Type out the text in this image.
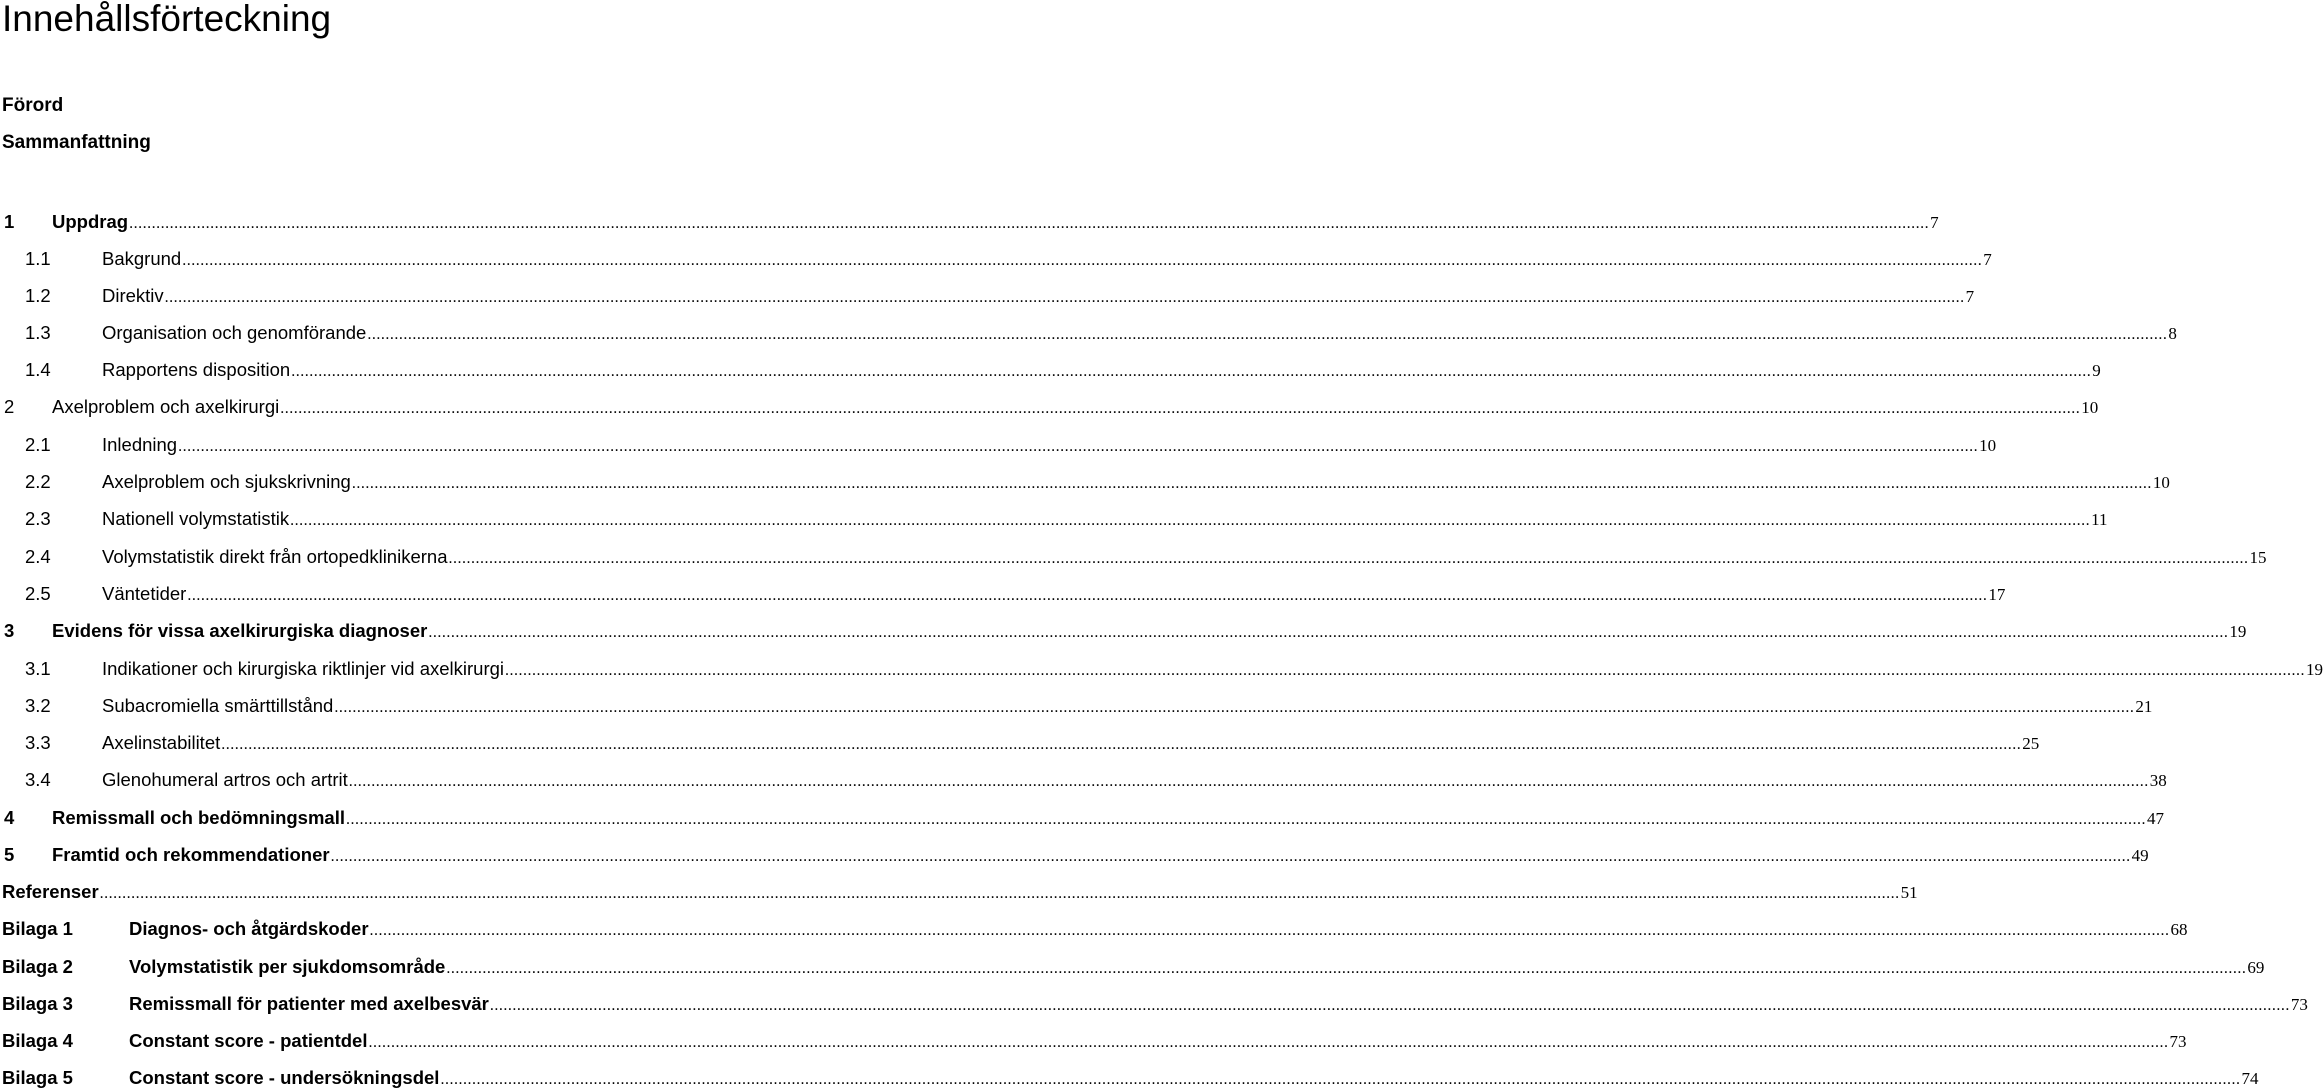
Innehållsförteckning
Förord
Sammanfattning
1 Uppdrag ................................................................................................................................................................................................................................................................................................................................................................................................................ 7
1.1	Bakgrund ................................................................................................................................................................................................................................................................................................................................................................................................................ 7
1.2	Direktiv ................................................................................................................................................................................................................................................................................................................................................................................................................ 7
1.3	Organisation och genomförande ................................................................................................................................................................................................................................................................................................................................................................................................................ 8
1.4	Rapportens disposition ................................................................................................................................................................................................................................................................................................................................................................................................................ 9
2 Axelproblem och axelkirurgi ................................................................................................................................................................................................................................................................................................................................................................................................................ 10
2.1	Inledning ................................................................................................................................................................................................................................................................................................................................................................................................................ 10
2.2	Axelproblem och sjukskrivning ................................................................................................................................................................................................................................................................................................................................................................................................................ 10
2.3	Nationell volymstatistik ................................................................................................................................................................................................................................................................................................................................................................................................................ 11
2.4	Volymstatistik direkt från ortopedklinikerna ................................................................................................................................................................................................................................................................................................................................................................................................................ 15
2.5	Väntetider ................................................................................................................................................................................................................................................................................................................................................................................................................ 17
3 Evidens för vissa axelkirurgiska diagnoser ................................................................................................................................................................................................................................................................................................................................................................................................................ 19
3.1	Indikationer och kirurgiska riktlinjer vid axelkirurgi ................................................................................................................................................................................................................................................................................................................................................................................................................ 19
3.2	Subacromiella smärttillstånd ................................................................................................................................................................................................................................................................................................................................................................................................................ 21
3.3	Axelinstabilitet ................................................................................................................................................................................................................................................................................................................................................................................................................ 25
3.4	Glenohumeral artros och artrit ................................................................................................................................................................................................................................................................................................................................................................................................................ 38
4 Remissmall och bedömningsmall ................................................................................................................................................................................................................................................................................................................................................................................................................ 47
5 Framtid och rekommendationer ................................................................................................................................................................................................................................................................................................................................................................................................................ 49
Referenser ................................................................................................................................................................................................................................................................................................................................................................................................................ 51
Bilaga 1	Diagnos- och åtgärdskoder ................................................................................................................................................................................................................................................................................................................................................................................................................ 68
Bilaga 2	Volymstatistik per sjukdomsområde ................................................................................................................................................................................................................................................................................................................................................................................................................ 69
Bilaga 3	Remissmall för patienter med axelbesvär ................................................................................................................................................................................................................................................................................................................................................................................................................ 73
Bilaga 4	Constant score - patientdel ................................................................................................................................................................................................................................................................................................................................................................................................................ 73
Bilaga 5	Constant score - undersökningsdel ................................................................................................................................................................................................................................................................................................................................................................................................................ 74
